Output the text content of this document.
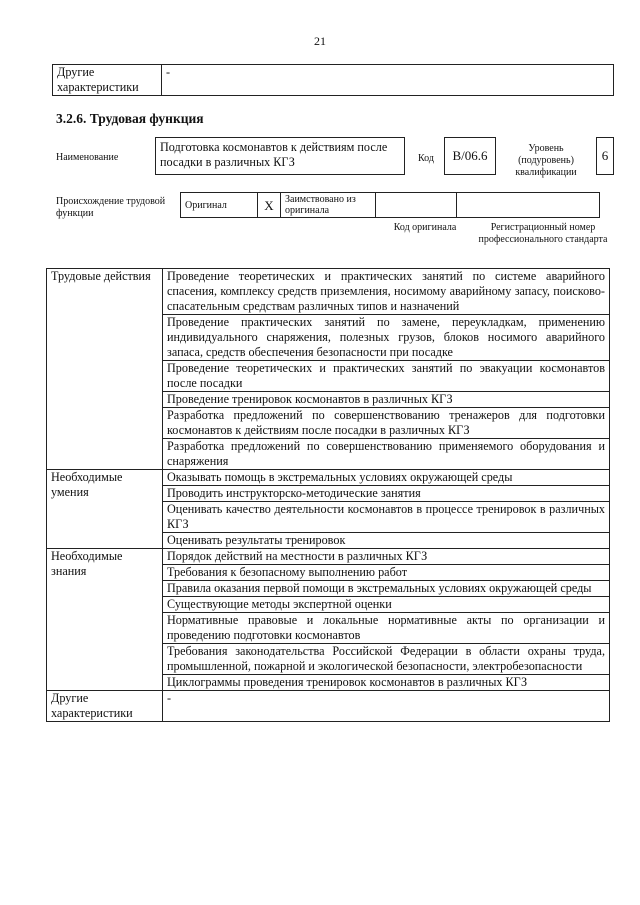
21
Другие характеристики	-
3.2.6. Трудовая функция
Наименование
Подготовка космонавтов к действиям после посадки в различных КГЗ	Код	B/06.6	Уровень (подуровень) квалификации
6
Происхождение трудовой функции
Оригинал	X	Заимствовано из оригинала		
Код оригинала	Регистрационный номер профессионального стандарта
Трудовые действия	Проведение теоретических и практических занятий по системе аварийного спасения, комплексу средств приземления, носимому аварийному запасу, поисково-спасательным средствам различных типов и назначений
	Проведение практических занятий по замене, переукладкам, применению индивидуального снаряжения, полезных грузов, блоков носимого аварийного запаса, средств обеспечения безопасности при посадке
	Проведение теоретических и практических занятий по эвакуации космонавтов после посадки
	Проведение тренировок космонавтов в различных КГЗ
	Разработка предложений по совершенствованию тренажеров для подготовки космонавтов к действиям после посадки в различных КГЗ
	Разработка предложений по совершенствованию применяемого оборудования и снаряжения
Необходимые умения	Оказывать помощь в экстремальных условиях окружающей среды
	Проводить инструкторско-методические занятия
	Оценивать качество деятельности космонавтов в процессе тренировок в различных КГЗ
	Оценивать результаты тренировок
Необходимые знания	Порядок действий на местности в различных КГЗ
	Требования к безопасному выполнению работ
	Правила оказания первой помощи в экстремальных условиях окружающей среды
	Существующие методы экспертной оценки
	Нормативные правовые и локальные нормативные акты по организации и проведению подготовки космонавтов
	Требования законодательства Российской Федерации в области охраны труда, промышленной, пожарной и экологической безопасности, электробезопасности
	Циклограммы проведения тренировок космонавтов в различных КГЗ
Другие характеристики	-
